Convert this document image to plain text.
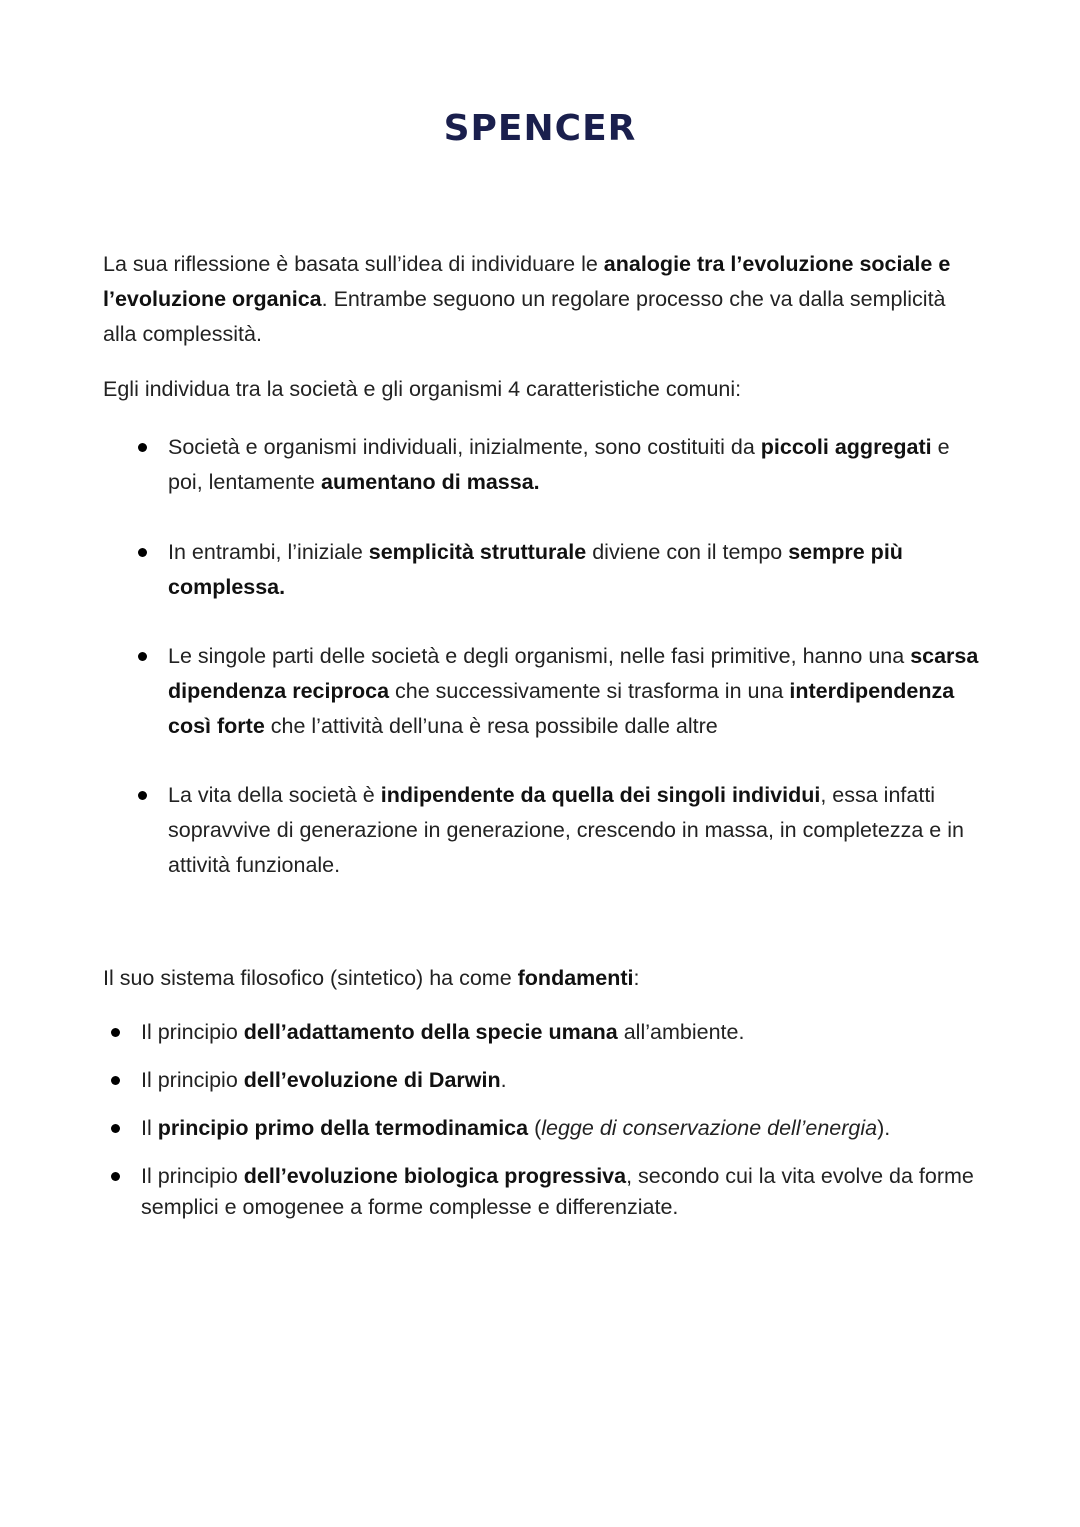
SPENCER

La sua riflessione è basata sull’idea di individuare le analogie tra l’evoluzione sociale e l’evoluzione organica. Entrambe seguono un regolare processo che va dalla semplicità alla complessità.

Egli individua tra la società e gli organismi 4 caratteristiche comuni:

Società e organismi individuali, inizialmente, sono costituiti da piccoli aggregati e poi, lentamente aumentano di massa.
In entrambi, l’iniziale semplicità strutturale diviene con il tempo sempre più complessa.
Le singole parti delle società e degli organismi, nelle fasi primitive, hanno una scarsa dipendenza reciproca che successivamente si trasforma in una interdipendenza così forte che l’attività dell’una è resa possibile dalle altre
La vita della società è indipendente da quella dei singoli individui, essa infatti sopravvive di generazione in generazione, crescendo in massa, in completezza e in attività funzionale.

Il suo sistema filosofico (sintetico) ha come fondamenti:

Il principio dell’adattamento della specie umana all’ambiente.
Il principio dell’evoluzione di Darwin.
Il principio primo della termodinamica (legge di conservazione dell’energia).
Il principio dell’evoluzione biologica progressiva, secondo cui la vita evolve da forme semplici e omogenee a forme complesse e differenziate.
